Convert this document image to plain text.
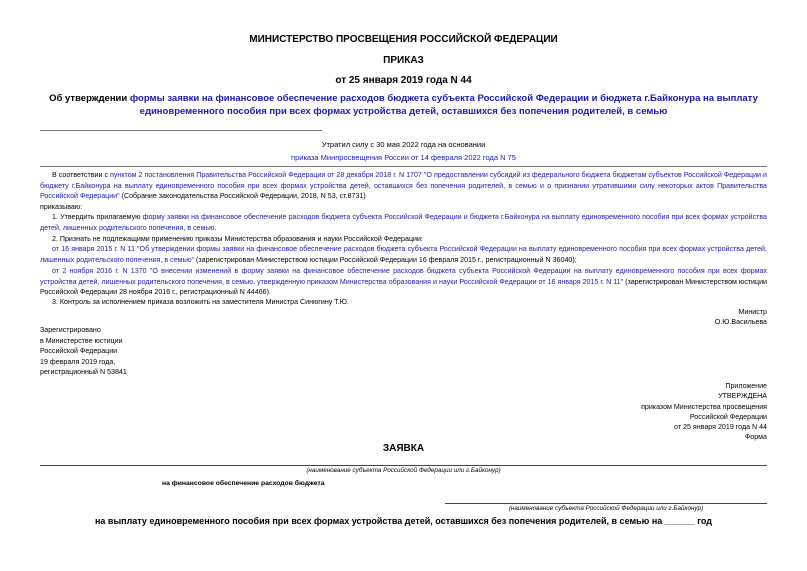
МИНИСТЕРСТВО ПРОСВЕЩЕНИЯ РОССИЙСКОЙ ФЕДЕРАЦИИ
ПРИКАЗ
от 25 января 2019 года N 44
Об утверждении формы заявки на финансовое обеспечение расходов бюджета субъекта Российской Федерации и бюджета г.Байконура на выплату единовременного пособия при всех формах устройства детей, оставшихся без попечения родителей, в семью
Утратил силу с 30 мая 2022 года на основании
приказа Минпросвещения России от 14 февраля 2022 года N 75
В соответствии с пунктом 2 постановления Правительства Российской Федерации от 28 декабря 2018 г. N 1707 "О предоставлении субсидий из федерального бюджета бюджетам субъектов Российской Федерации и бюджету г.Байконура на выплату единовременного пособия при всех формах устройства детей, оставшихся без попечения родителей, в семью и о признании утратившими силу некоторых актов Правительства Российской Федерации" (Собрание законодательства Российской Федерации, 2018, N 53, ст.8731)
приказываю:
1. Утвердить прилагаемую форму заявки на финансовое обеспечение расходов бюджета субъекта Российской Федерации и бюджета г.Байконура на выплату единовременного пособия при всех формах устройства детей, лишенных родительского попечения, в семью.
2. Признать не подлежащими применению приказы Министерства образования и науки Российской Федерации:
от 16 января 2015 г. N 11 "Об утверждении формы заявки на финансовое обеспечение расходов бюджета субъекта Российской Федерации на выплату единовременного пособия при всех формах устройства детей, лишенных родительского попечения, в семью" (зарегистрирован Министерством юстиции Российской Федерации 16 февраля 2015 г., регистрационный N 36040);
от 2 ноября 2016 г. N 1370 "О внесении изменений в форму заявки на финансовое обеспечение расходов бюджета субъекта Российской Федерации на выплату единовременного пособия при всех формах устройства детей, лишенных родительского попечения, в семью, утвержденную приказом Министерства образования и науки Российской Федерации от 16 января 2015 г. N 11" (зарегистрирован Министерством юстиции Российской Федерации 28 ноября 2016 г., регистрационный N 44466).
3. Контроль за исполнением приказа возложить на заместителя Министра Синюгину Т.Ю.
Министр
О.Ю.Васильева
Зарегистрировано
в Министерстве юстиции
Российской Федерации
19 февраля 2019 года,
регистрационный N 53841
Приложение
УТВЕРЖДЕНА
приказом Министерства просвещения
Российской Федерации
от 25 января 2019 года N 44
Форма
ЗАЯВКА
(наименование субъекта Российской Федерации или г.Байконур)
на финансовое обеспечение расходов бюджета
(наименование субъекта Российской Федерации или г.Байконур)
на выплату единовременного пособия при всех формах устройства детей, оставшихся без попечения родителей, в семью на ______ год
